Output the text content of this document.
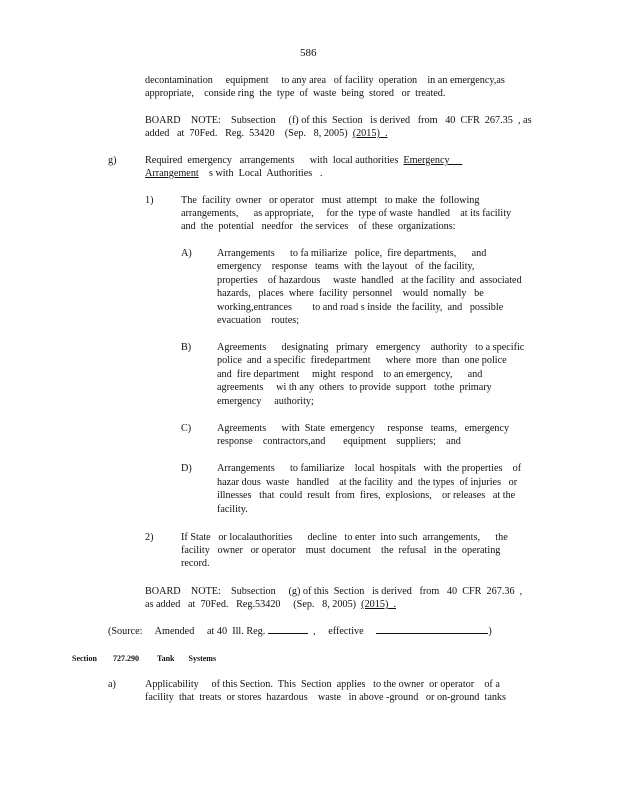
586
decontamination     equipment     to any area   of facility  operation    in an emergency,as
appropriate,    conside ring  the  type  of  waste  being  stored   or  treated.
BOARD    NOTE:    Subsection     (f) of this  Section   is derived   from   40  CFR  267.35  , as
added   at  70Fed.   Reg.  53420    (Sep.   8, 2005)  (2015)  .
g)	Required  emergency   arrangements      with  local authorities  Emergency
Arrangement    s with  Local  Authorities   .
1)	The  facility  owner   or operator   must  attempt   to make  the  following
arrangements,      as appropriate,     for the  type of waste  handled    at its facility
and  the  potential   needfor   the services    of  these  organizations:
A) Arrangements      to fa miliarize   police,  fire departments,      and
emergency    response   teams  with  the layout   of  the facility,
properties    of hazardous     waste  handled   at the facility  and  associated
hazards,   places  where  facility  personnel    would  nomally   be
working,entrances        to and road s inside  the facility,  and   possible
evacuation    routes;
B)	Agreements      designating   primary   emergency    authority   to a specific
police  and  a specific  firedepartment      where  more  than  one police
and  fire department     might  respond    to an emergency,      and
agreements     wi th any  others  to provide  support   tothe  primary
emergency     authority;
C)	Agreements      with  State  emergency     response   teams,   emergency
response    contractors,and       equipment    suppliers;    and
D) Arrangements      to familiarize    local  hospitals   with  the properties    of
hazar dous  waste   handled    at the facility  and  the types  of injuries   or
illnesses   that  could  result  from  fires,  explosions,    or releases   at the
facility.
2)	If State   or localauthorities      decline   to enter  into such  arrangements,      the
facility   owner   or operator    must  document    the  refusal   in the  operating
record.
BOARD    NOTE:    Subsection     (g) of this  Section   is derived   from   40  CFR  267.36  ,
as added   at  70Fed.   Reg.53420     (Sep.   8, 2005)  (2015)  .
(Source:     Amended     at 40  Ill. Reg.	,     effective	)
Section 727.290 Tank       Systems
a)	Applicability     of this Section.  This  Section  applies   to the owner  or operator    of a
facility  that  treats  or stores  hazardous    waste   in above -ground   or on-ground  tanks
